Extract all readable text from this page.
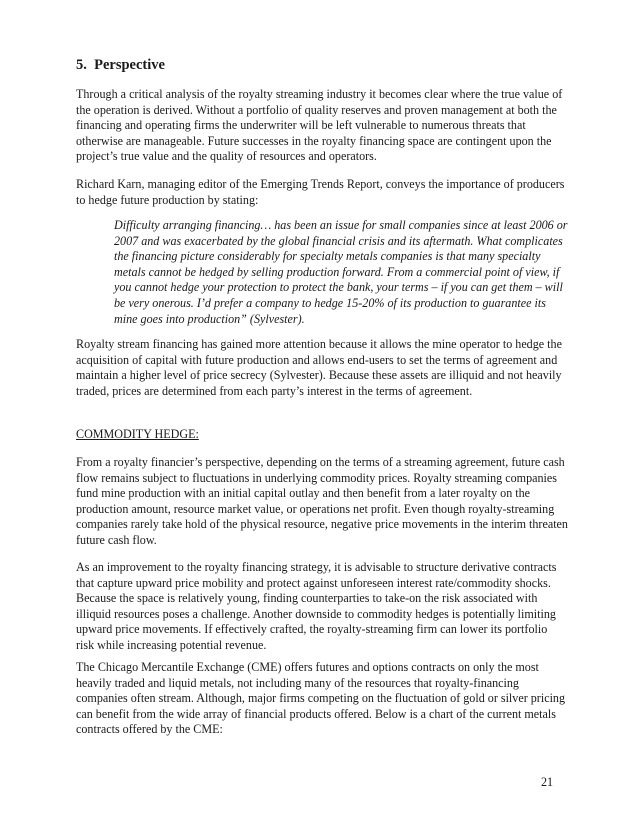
5. Perspective

Through a critical analysis of the royalty streaming industry it becomes clear where the true value of the operation is derived. Without a portfolio of quality reserves and proven management at both the financing and operating firms the underwriter will be left vulnerable to numerous threats that otherwise are manageable. Future successes in the royalty financing space are contingent upon the project’s true value and the quality of resources and operators.

Richard Karn, managing editor of the Emerging Trends Report, conveys the importance of producers to hedge future production by stating:

Difficulty arranging financing… has been an issue for small companies since at least 2006 or 2007 and was exacerbated by the global financial crisis and its aftermath. What complicates the financing picture considerably for specialty metals companies is that many specialty metals cannot be hedged by selling production forward. From a commercial point of view, if you cannot hedge your protection to protect the bank, your terms – if you can get them – will be very onerous. I’d prefer a company to hedge 15-20% of its production to guarantee its mine goes into production” (Sylvester).

Royalty stream financing has gained more attention because it allows the mine operator to hedge the acquisition of capital with future production and allows end-users to set the terms of agreement and maintain a higher level of price secrecy (Sylvester). Because these assets are illiquid and not heavily traded, prices are determined from each party’s interest in the terms of agreement.

COMMODITY HEDGE:

From a royalty financier’s perspective, depending on the terms of a streaming agreement, future cash flow remains subject to fluctuations in underlying commodity prices. Royalty streaming companies fund mine production with an initial capital outlay and then benefit from a later royalty on the production amount, resource market value, or operations net profit. Even though royalty-streaming companies rarely take hold of the physical resource, negative price movements in the interim threaten future cash flow.

As an improvement to the royalty financing strategy, it is advisable to structure derivative contracts that capture upward price mobility and protect against unforeseen interest rate/commodity shocks. Because the space is relatively young, finding counterparties to take-on the risk associated with illiquid resources poses a challenge. Another downside to commodity hedges is potentially limiting upward price movements. If effectively crafted, the royalty-streaming firm can lower its portfolio risk while increasing potential revenue.

The Chicago Mercantile Exchange (CME) offers futures and options contracts on only the most heavily traded and liquid metals, not including many of the resources that royalty-financing companies often stream. Although, major firms competing on the fluctuation of gold or silver pricing can benefit from the wide array of financial products offered. Below is a chart of the current metals contracts offered by the CME:

21
